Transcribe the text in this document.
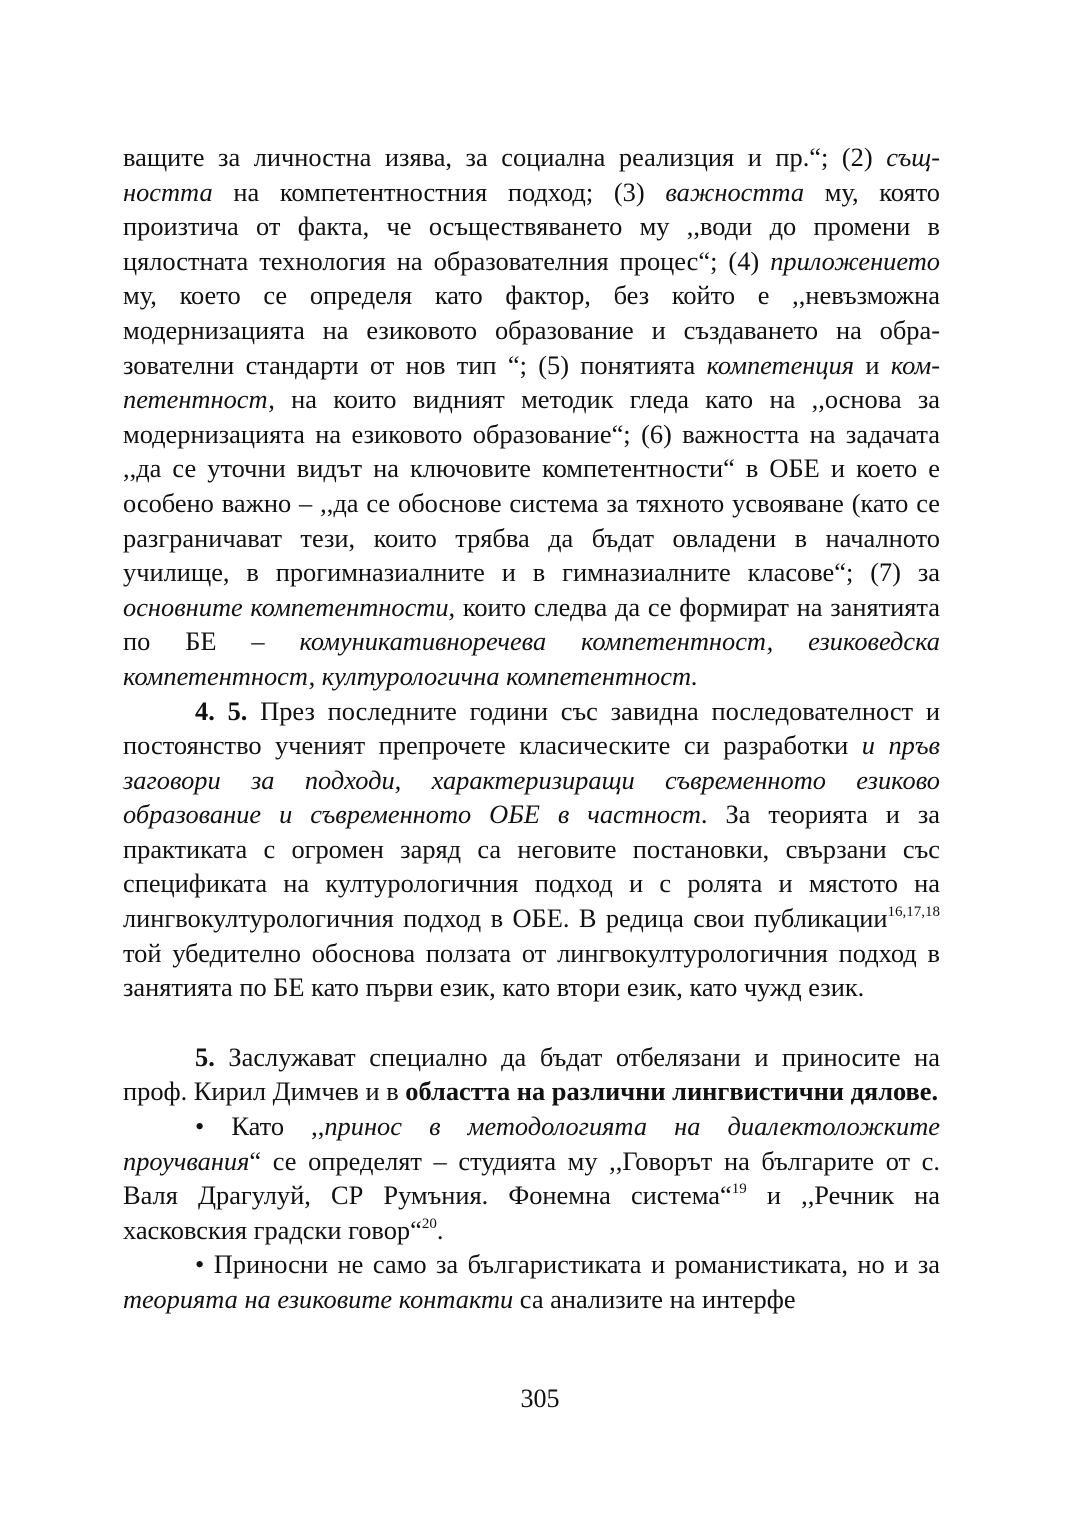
ващите за личностна изява, за социална реализция и пр.“; (2) същността на компетентностния подход; (3) важността му, която произтича от факта, че осъществяването му ,,води до промени в цялостната технология на образователния процес“; (4) приложението му, което се определя като фактор, без който е ,,невъзможна модернизацията на езиковото образование и създаването на образователни стандарти от нов тип “; (5) понятията компетенция и компетентност, на които видният методик гледа като на ,,основа за модернизацията на езиковото образование“; (6) важността на задачата ,,да се уточни видът на ключовите компетентности“ в ОБЕ и което е особено важно – ,,да се обоснове система за тяхното усвояване (като се разграничават тези, които трябва да бъдат овладени в началното училище, в прогимназиалните и в гимназиалните класове“; (7) за основните компетентности, които следва да се формират на занятията по БЕ – комуникативноречева компетентност, езиковедска компетентност, културологична компетентност.

4. 5. През последните години със завидна последователност и постоянство ученият препрочете класическите си разработки и пръв заговори за подходи, характеризиращи съвременното езиково образование и съвременното ОБЕ в частност. За теорията и за практиката с огромен заряд са неговите постановки, свързани със спецификата на културологичния подход и с ролята и мястото на лингвокултурологичния подход в ОБЕ. В редица свои публикации$^{16,17,18}$ той убедително обоснова ползата от лингвокултурологичния подход в занятията по БЕ като първи език, като втори език, като чужд език.

5. Заслужават специално да бъдат отбелязани и приносите на проф. Кирил Димчев и в областта на различни лингвистични дялове.

• Като ,,принос в методологията на диалектоложките проучвания“ се определят – студията му ,,Говорът на българите от с. Валя Драгулуй, СР Румъния. Фонемна система“$^{19}$ и ,,Речник на хасковския градски говор“$^{20}$.

• Приносни не само за българистиката и романистиката, но и за теорията на езиковите контакти са анализите на интерфе

305
